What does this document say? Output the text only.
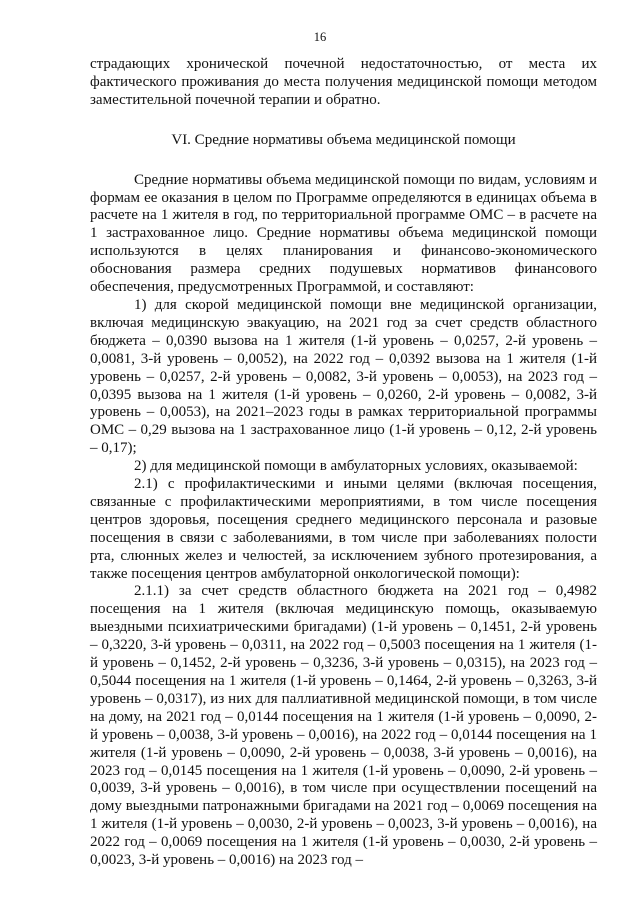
16

страдающих хронической почечной недостаточностью, от места их фактического проживания до места получения медицинской помощи методом заместительной почечной терапии и обратно.

VI. Средние нормативы объема медицинской помощи

Средние нормативы объема медицинской помощи по видам, условиям и формам ее оказания в целом по Программе определяются в единицах объема в расчете на 1 жителя в год, по территориальной программе ОМС – в расчете на 1 застрахованное лицо. Средние нормативы объема медицинской помощи используются в целях планирования и финансово-экономического обоснования размера средних подушевых нормативов финансового обеспечения, предусмотренных Программой, и составляют:

1) для скорой медицинской помощи вне медицинской организации, включая медицинскую эвакуацию, на 2021 год за счет средств областного бюджета – 0,0390 вызова на 1 жителя (1-й уровень – 0,0257, 2-й уровень – 0,0081, 3-й уровень – 0,0052), на 2022 год – 0,0392 вызова на 1 жителя (1-й уровень – 0,0257, 2-й уровень – 0,0082, 3-й уровень – 0,0053), на 2023 год – 0,0395 вызова на 1 жителя (1-й уровень – 0,0260, 2-й уровень – 0,0082, 3-й уровень – 0,0053), на 2021–2023 годы в рамках территориальной программы ОМС – 0,29 вызова на 1 застрахованное лицо (1-й уровень – 0,12, 2-й уровень – 0,17);

2) для медицинской помощи в амбулаторных условиях, оказываемой:

2.1) с профилактическими и иными целями (включая посещения, связанные с профилактическими мероприятиями, в том числе посещения центров здоровья, посещения среднего медицинского персонала и разовые посещения в связи с заболеваниями, в том числе при заболеваниях полости рта, слюнных желез и челюстей, за исключением зубного протезирования, а также посещения центров амбулаторной онкологической помощи):

2.1.1) за счет средств областного бюджета на 2021 год – 0,4982 посещения на 1 жителя (включая медицинскую помощь, оказываемую выездными психиатрическими бригадами) (1-й уровень – 0,1451, 2-й уровень – 0,3220, 3-й уровень – 0,0311, на 2022 год – 0,5003 посещения на 1 жителя (1-й уровень – 0,1452, 2-й уровень – 0,3236, 3-й уровень – 0,0315), на 2023 год – 0,5044 посещения на 1 жителя (1-й уровень – 0,1464, 2-й уровень – 0,3263, 3-й уровень – 0,0317), из них для паллиативной медицинской помощи, в том числе на дому, на 2021 год – 0,0144 посещения на 1 жителя (1-й уровень – 0,0090, 2-й уровень – 0,0038, 3-й уровень – 0,0016), на 2022 год – 0,0144 посещения на 1 жителя (1-й уровень – 0,0090, 2-й уровень – 0,0038, 3-й уровень – 0,0016), на 2023 год – 0,0145 посещения на 1 жителя (1-й уровень – 0,0090, 2-й уровень – 0,0039, 3-й уровень – 0,0016), в том числе при осуществлении посещений на дому выездными патронажными бригадами на 2021 год – 0,0069 посещения на 1 жителя (1-й уровень – 0,0030, 2-й уровень – 0,0023, 3-й уровень – 0,0016), на 2022 год – 0,0069 посещения на 1 жителя (1-й уровень – 0,0030, 2-й уровень – 0,0023, 3-й уровень – 0,0016) на 2023 год –
